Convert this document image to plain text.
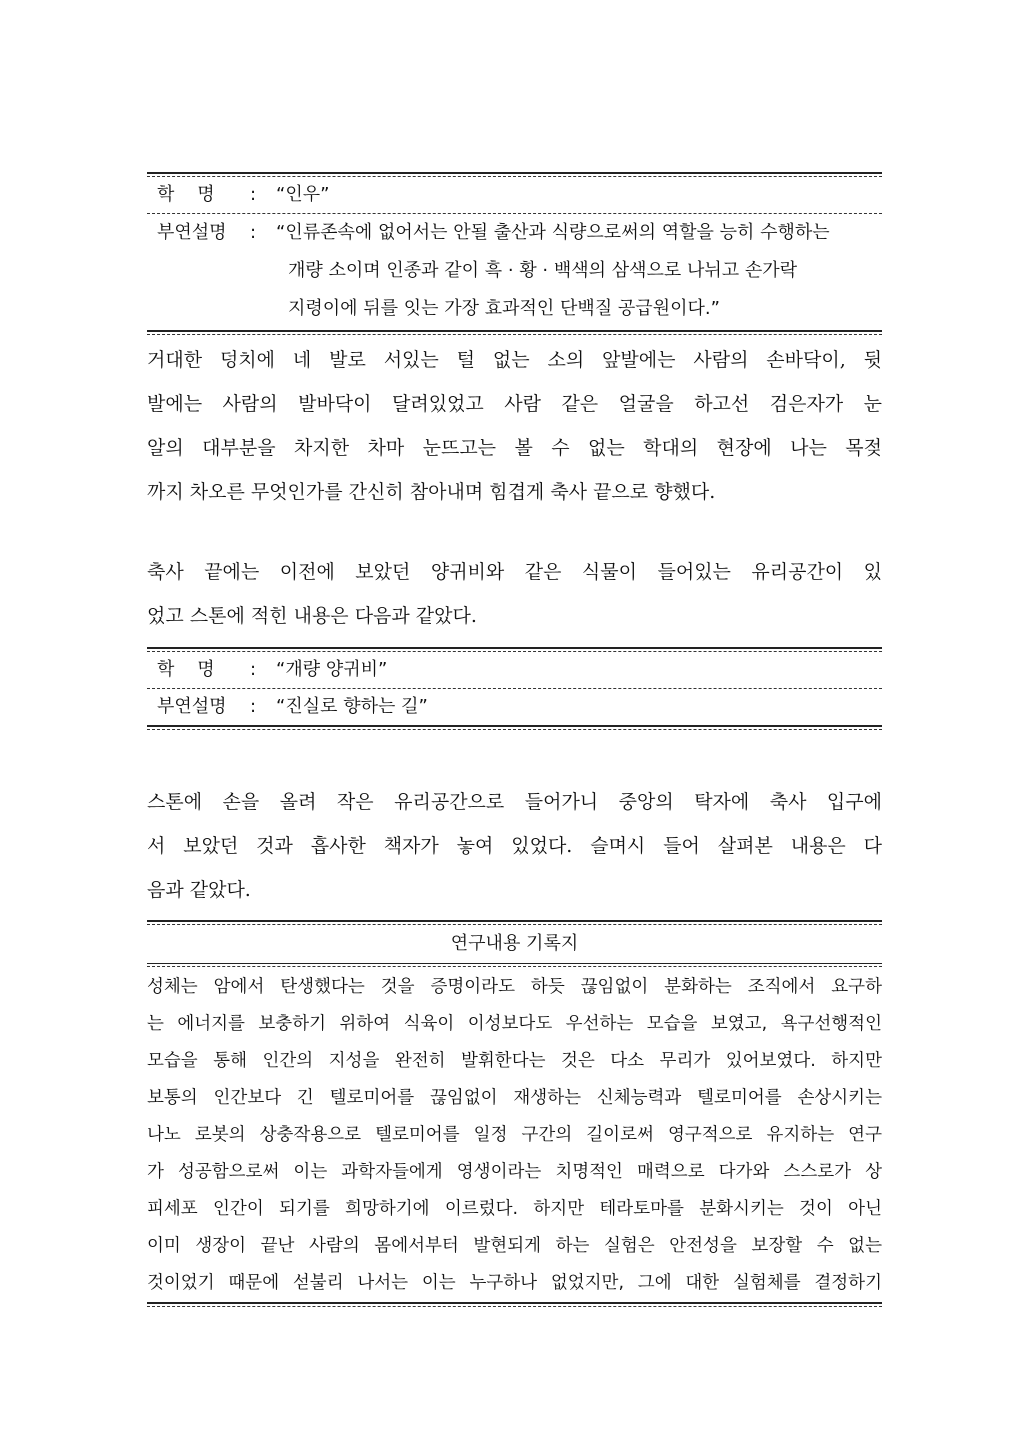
학    명	:	“인우”
부연설명	:	“인류존속에 없어서는 안될 출산과 식량으로써의 역할을 능히 수행하는
개량 소이며 인종과 같이 흑 · 황 · 백색의 삼색으로 나뉘고 손가락
지령이에 뒤를 잇는 가장 효과적인 단백질 공급원이다.”
거대한 덩치에 네 발로 서있는 털 없는 소의 앞발에는 사람의 손바닥이, 뒷
발에는 사람의 발바닥이 달려있었고 사람 같은 얼굴을 하고선 검은자가 눈
알의 대부분을 차지한 차마 눈뜨고는 볼 수 없는 학대의 현장에 나는 목젖
까지 차오른 무엇인가를 간신히 참아내며 힘겹게 축사 끝으로 향했다.
축사 끝에는 이전에 보았던 양귀비와 같은 식물이 들어있는 유리공간이 있
었고 스톤에 적힌 내용은 다음과 같았다.
학    명	:	“개량 양귀비”
부연설명	:	“진실로 향하는 길”
스톤에 손을 올려 작은 유리공간으로 들어가니 중앙의 탁자에 축사 입구에
서 보았던 것과 흡사한 책자가 놓여 있었다. 슬며시 들어 살펴본 내용은 다
음과 같았다.
연구내용 기록지
성체는 암에서 탄생했다는 것을 증명이라도 하듯 끊임없이 분화하는 조직에서 요구하
는 에너지를 보충하기 위하여 식육이 이성보다도 우선하는 모습을 보였고, 욕구선행적인
모습을 통해 인간의 지성을 완전히 발휘한다는 것은 다소 무리가 있어보였다. 하지만
보통의 인간보다 긴 텔로미어를 끊임없이 재생하는 신체능력과 텔로미어를 손상시키는
나노 로봇의 상충작용으로 텔로미어를 일정 구간의 길이로써 영구적으로 유지하는 연구
가 성공함으로써 이는 과학자들에게 영생이라는 치명적인 매력으로 다가와 스스로가 상
피세포 인간이 되기를 희망하기에 이르렀다. 하지만 테라토마를 분화시키는 것이 아닌
이미 생장이 끝난 사람의 몸에서부터 발현되게 하는 실험은 안전성을 보장할 수 없는
것이었기 때문에 섣불리 나서는 이는 누구하나 없었지만, 그에 대한 실험체를 결정하기
